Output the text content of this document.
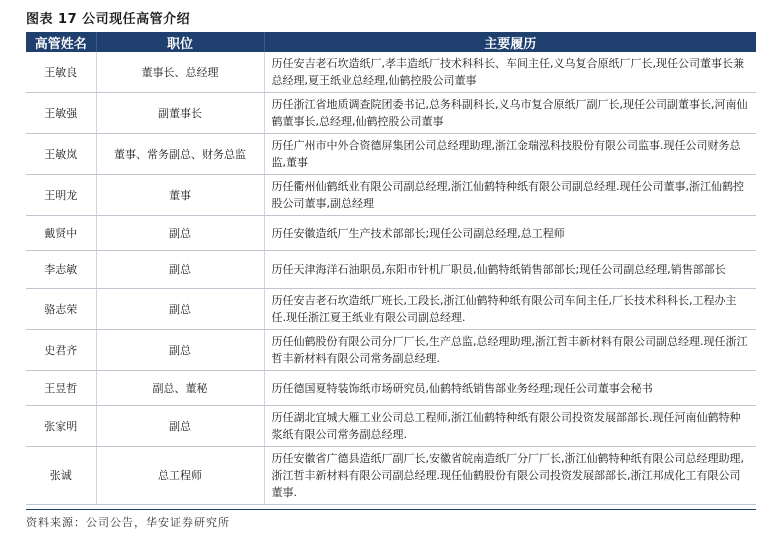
图表 17 公司现任高管介绍
高管姓名	职位	主要履历
王敏良	董事长、总经理	历任安吉老石坎造纸厂,孝丰造纸厂技术科科长、车间主任,义乌复合原纸厂厂长,现任公司董事长兼总经理,夏王纸业总经理,仙鹤控股公司董事
王敏强	副董事长	历任浙江省地质调查院团委书记,总务科副科长,义乌市复合原纸厂副厂长,现任公司副董事长,河南仙鹤董事长,总经理,仙鹤控股公司董事
王敏岚	董事、常务副总、财务总监	历任广州市中外合资德屏集团公司总经理助理,浙江金瑞泓科技股份有限公司监事.现任公司财务总监,董事
王明龙	董事	历任衢州仙鹤纸业有限公司副总经理,浙江仙鹤特种纸有限公司副总经理.现任公司董事,浙江仙鹤控股公司董事,副总经理
戴贤中	副总	历任安徽造纸厂生产技术部部长;现任公司副总经理,总工程师
李志敏	副总	历任天津海洋石油职员,东阳市针机厂职员,仙鹤特纸销售部部长;现任公司副总经理,销售部部长
骆志荣	副总	历任安吉老石坎造纸厂班长,工段长,浙江仙鹤特种纸有限公司车间主任,厂长技术科科长,工程办主任.现任浙江夏王纸业有限公司副总经理.
史君齐	副总	历任仙鹤股份有限公司分厂厂长,生产总监,总经理助理,浙江哲丰新材料有限公司副总经理.现任浙江哲丰新材料有限公司常务副总经理.
王昱哲	副总、董秘	历任德国夏特装饰纸市场研究员,仙鹤特纸销售部业务经理;现任公司董事会秘书
张家明	副总	历任湖北宜城大雁工业公司总工程师,浙江仙鹤特种纸有限公司投资发展部部长.现任河南仙鹤特种浆纸有限公司常务副总经理.
张诚	总工程师	历任安徽省广德县造纸厂副厂长,安徽省皖南造纸厂分厂厂长,浙江仙鹤特种纸有限公司总经理助理,浙江哲丰新材料有限公司副总经理.现任仙鹤股份有限公司投资发展部部长,浙江邦成化工有限公司董事.
资料来源：公司公告，华安证券研究所
